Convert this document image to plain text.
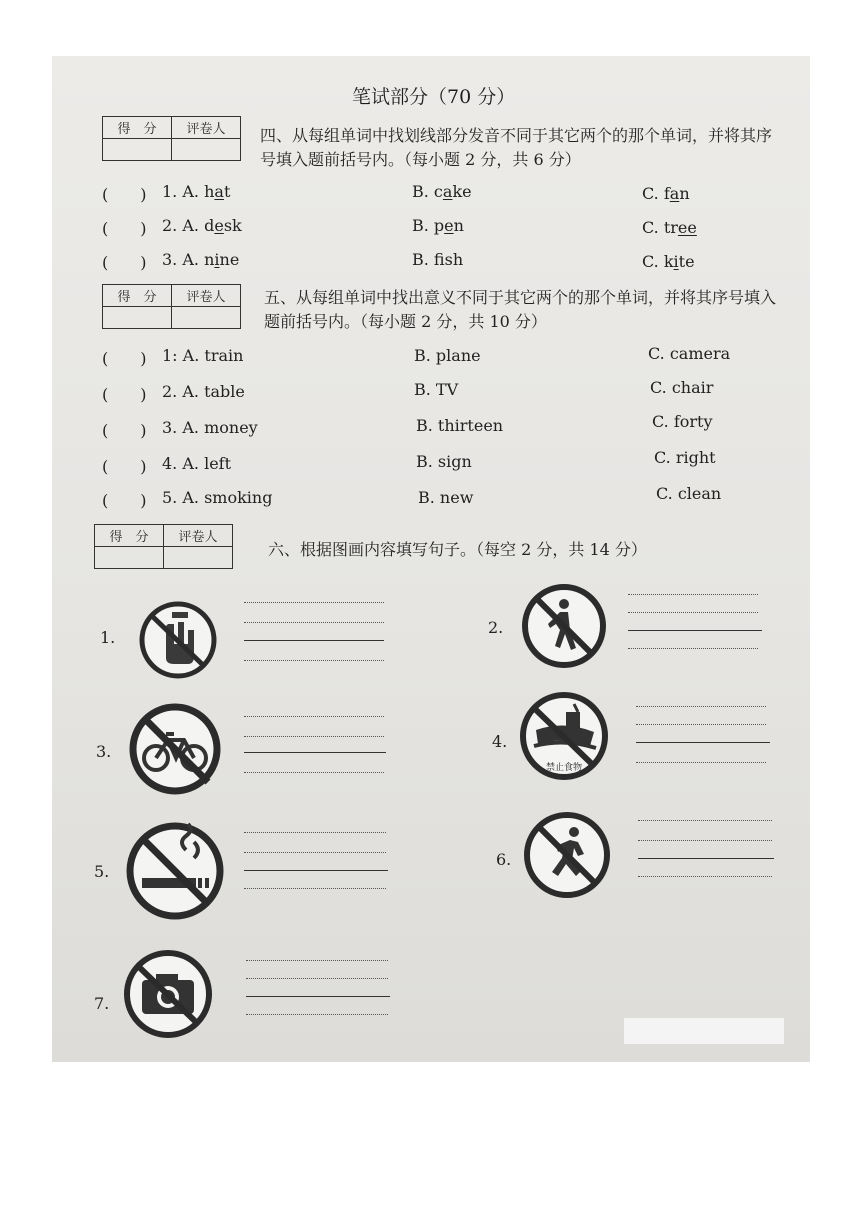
笔试部分（70 分）
得　分	评卷人
	四、从每组单词中找划线部分发音不同于其它两个的那个单词，并将其序号填入题前括号内。（每小题 2 分，共 6 分）
(　　) 1. A. hat	B. cake	C. fan
(　　) 2. A. desk	B. pen	C. tree
(　　) 3. A. nine	B. fsh	C. kite
得　分	评卷人
	五、从每组单词中找出意义不同于其它两个的那个单词，并将其序号填入题前括号内。（每小题 2 分，共 10 分）
(　　) 1: A. train	B. plane	C. camera
(　　) 2. A. table	B. TV	C. chair
(　　) 3. A. money	B. thirteen	C. forty
(　　) 4. A. left	B. sign	C. right
(　　) 5. A. smoking	B. new	C. clean
得　分	评卷人

六、根据图画内容填写句子。（每空 2 分，共 14 分）
1.
2.
3.
4.
禁止食物
5.
6.
7.
